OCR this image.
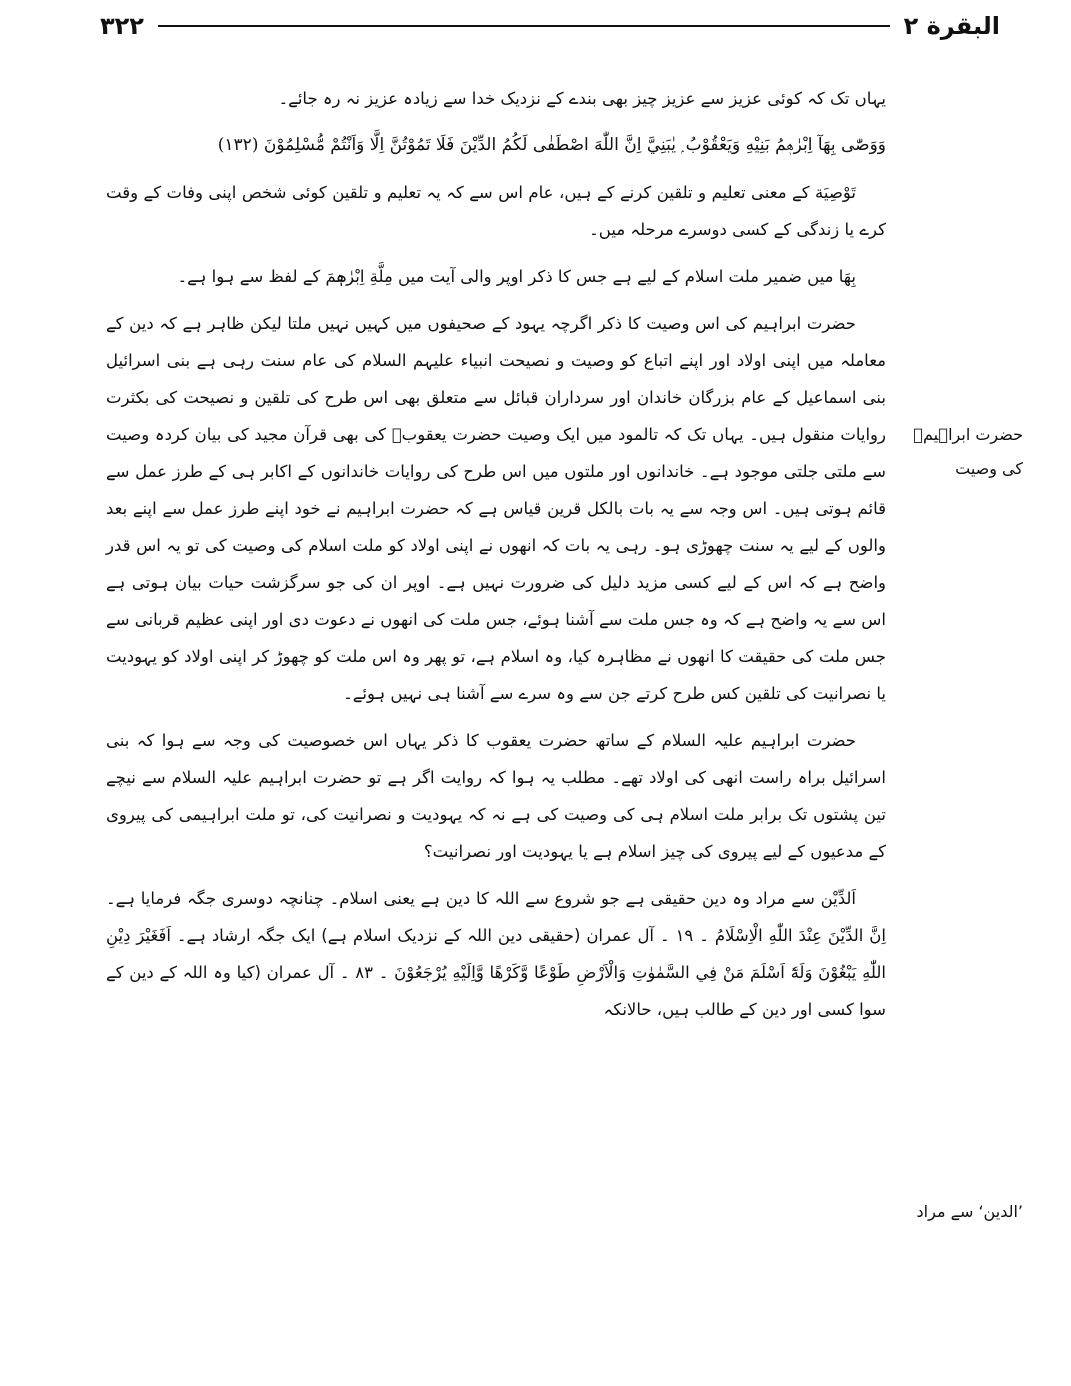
البقرة ٢
٣٢٢
حضرت ابراہیمؑ کی وصیت
’الدین‘ سے مراد

یہاں تک کہ کوئی عزیز سے عزیز چیز بھی بندے کے نزدیک خدا سے زیادہ عزیز نہ رہ جائے۔

وَوَصّٰى بِهَآ اِبْرٰهٖمُ بَنِيْهِ وَيَعْقُوْبُ ۭ يٰبَنِيَّ اِنَّ اللّٰهَ اصْطَفٰى لَكُمُ الدِّيْنَ فَلَا تَمُوْتُنَّ اِلَّا وَاَنْتُمْ مُّسْلِمُوْنَ ‎(١٣٢)

تَوْصِيَة کے معنی تعلیم و تلقین کرنے کے ہیں، عام اس سے کہ یہ تعلیم و تلقین کوئی شخص اپنی وفات کے وقت کرے یا زندگی کے کسی دوسرے مرحلہ میں۔

بِهَا میں ضمیر ملت اسلام کے لیے ہے جس کا ذکر اوپر والی آیت میں مِلَّةِ اِبْرٰهٖمَ کے لفظ سے ہوا ہے۔

حضرت ابراہیم کی اس وصیت کا ذکر اگرچہ یہود کے صحیفوں میں کہیں نہیں ملتا لیکن ظاہر ہے کہ دین کے معاملہ میں اپنی اولاد اور اپنے اتباع کو وصیت و نصیحت انبیاء علیہم السلام کی عام سنت رہی ہے بنی اسرائیل بنی اسماعیل کے عام بزرگان خاندان اور سرداران قبائل سے متعلق بھی اس طرح کی تلقین و نصیحت کی بکثرت روایات منقول ہیں۔ یہاں تک کہ تالمود میں ایک وصیت حضرت یعقوبؑ کی بھی قرآن مجید کی بیان کردہ وصیت سے ملتی جلتی موجود ہے۔ خاندانوں اور ملتوں میں اس طرح کی روایات خاندانوں کے اکابر ہی کے طرز عمل سے قائم ہوتی ہیں۔ اس وجہ سے یہ بات بالکل قرین قیاس ہے کہ حضرت ابراہیم نے خود اپنے طرز عمل سے اپنے بعد والوں کے لیے یہ سنت چھوڑی ہو۔ رہی یہ بات کہ انھوں نے اپنی اولاد کو ملت اسلام کی وصیت کی تو یہ اس قدر واضح ہے کہ اس کے لیے کسی مزید دلیل کی ضرورت نہیں ہے۔ اوپر ان کی جو سرگزشت حیات بیان ہوتی ہے اس سے یہ واضح ہے کہ وہ جس ملت سے آشنا ہوئے، جس ملت کی انھوں نے دعوت دی اور اپنی عظیم قربانی سے جس ملت کی حقیقت کا انھوں نے مظاہرہ کیا، وہ اسلام ہے، تو پھر وہ اس ملت کو چھوڑ کر اپنی اولاد کو یہودیت یا نصرانیت کی تلقین کس طرح کرتے جن سے وہ سرے سے آشنا ہی نہیں ہوئے۔

حضرت ابراہیم علیہ السلام کے ساتھ حضرت یعقوب کا ذکر یہاں اس خصوصیت کی وجہ سے ہوا کہ بنی اسرائیل براہ راست انھی کی اولاد تھے۔ مطلب یہ ہوا کہ روایت اگر ہے تو حضرت ابراہیم علیہ السلام سے نیچے تین پشتوں تک برابر ملت اسلام ہی کی وصیت کی ہے نہ کہ یہودیت و نصرانیت کی، تو ملت ابراہیمی کی پیروی کے مدعیوں کے لیے پیروی کی چیز اسلام ہے یا یہودیت اور نصرانیت؟

اَلدِّيْن سے مراد وہ دین حقیقی ہے جو شروع سے اللہ کا دین ہے یعنی اسلام۔ چنانچہ دوسری جگہ فرمایا ہے۔ اِنَّ الدِّيْنَ عِنْدَ اللّٰهِ الْاِسْلَامُ ۔ ١٩ ۔ آل عمران (حقیقی دین اللہ کے نزدیک اسلام ہے) ایک جگہ ارشاد ہے۔ اَفَغَيْرَ دِيْنِ اللّٰهِ يَبْغُوْنَ وَلَهٗٓ اَسْلَمَ مَنْ فِي السَّمٰوٰتِ وَالْاَرْضِ طَوْعًا وَّكَرْهًا وَّاِلَيْهِ يُرْجَعُوْنَ ۔ ٨٣ ۔ آل عمران (کیا وہ اللہ کے دین کے سوا کسی اور دین کے طالب ہیں، حالانکہ
